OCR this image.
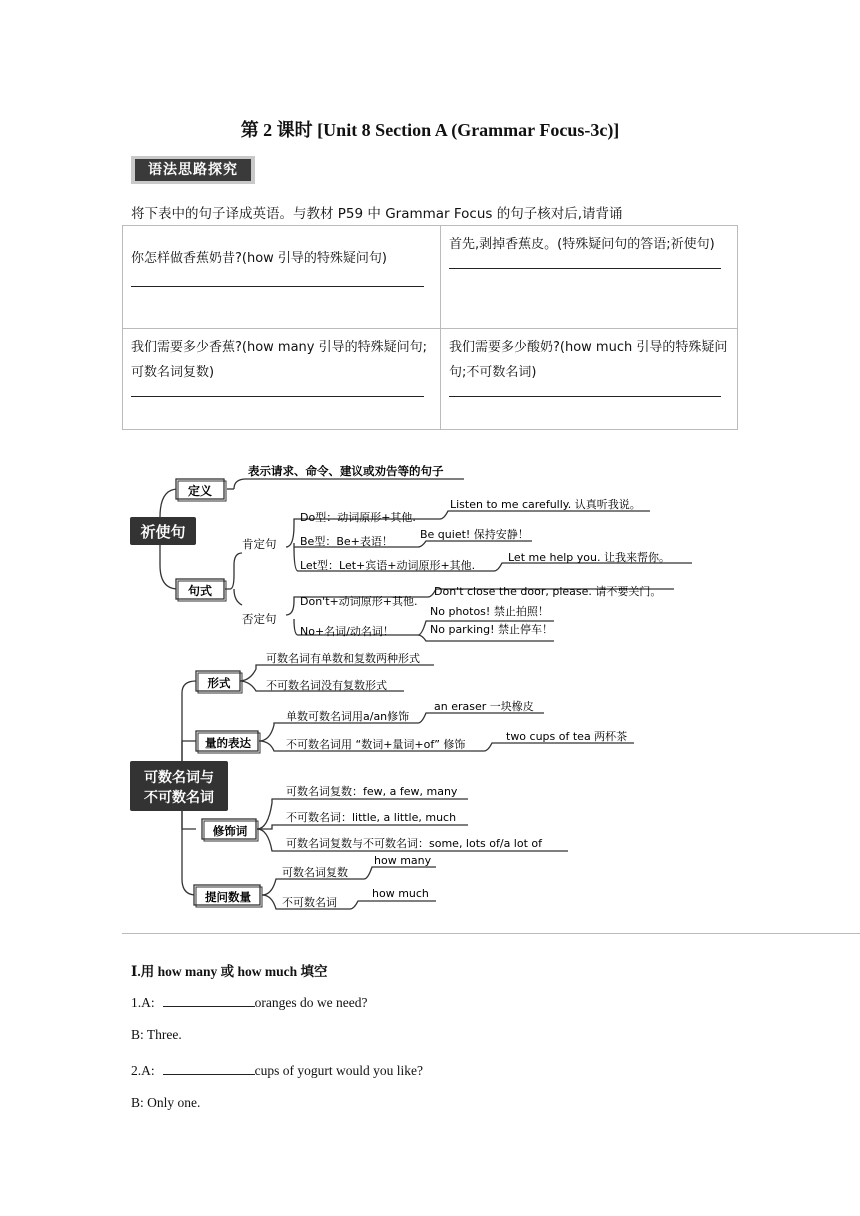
第 2 课时 [Unit 8 Section A (Grammar Focus-3c)]
语法思路探究
将下表中的句子译成英语。与教材 P59 中 Grammar Focus 的句子核对后,请背诵
你怎样做香蕉奶昔?(how 引导的特殊疑问句)	首先,剥掉香蕉皮。(特殊疑问句的答语;祈使句)

我们需要多少香蕉?(how many 引导的特殊疑问句;可数名词复数)	我们需要多少酸奶?(how much 引导的特殊疑问句;不可数名词)
祈使句
定义
表示请求、命令、建议或劝告等的句子
句式
肯定句
否定句
Do型：动词原形+其他.
Listen to me carefully. 认真听我说。
Be型：Be+表语！
Be quiet! 保持安静！
Let型：Let+宾语+动词原形+其他.
Let me help you. 让我来帮你。
Don't+动词原形+其他.
Don't close the door, please. 请不要关门。
No+名词/动名词！
No photos! 禁止拍照！
No parking! 禁止停车！
可数名词与
不可数名词
形式
可数名词有单数和复数两种形式
不可数名词没有复数形式
量的表达
单数可数名词用a/an修饰
an eraser 一块橡皮
不可数名词用 “数词+量词+of” 修饰
two cups of tea 两杯茶
修饰词
可数名词复数：few, a few, many
不可数名词：little, a little, much
可数名词复数与不可数名词：some, lots of/a lot of
提问数量
可数名词复数
how many
不可数名词
how much
Ⅰ.用 how many 或 how much 填空
1.A:	oranges do we need?
B: Three.
2.A:	cups of yogurt would you like?
B: Only one.
